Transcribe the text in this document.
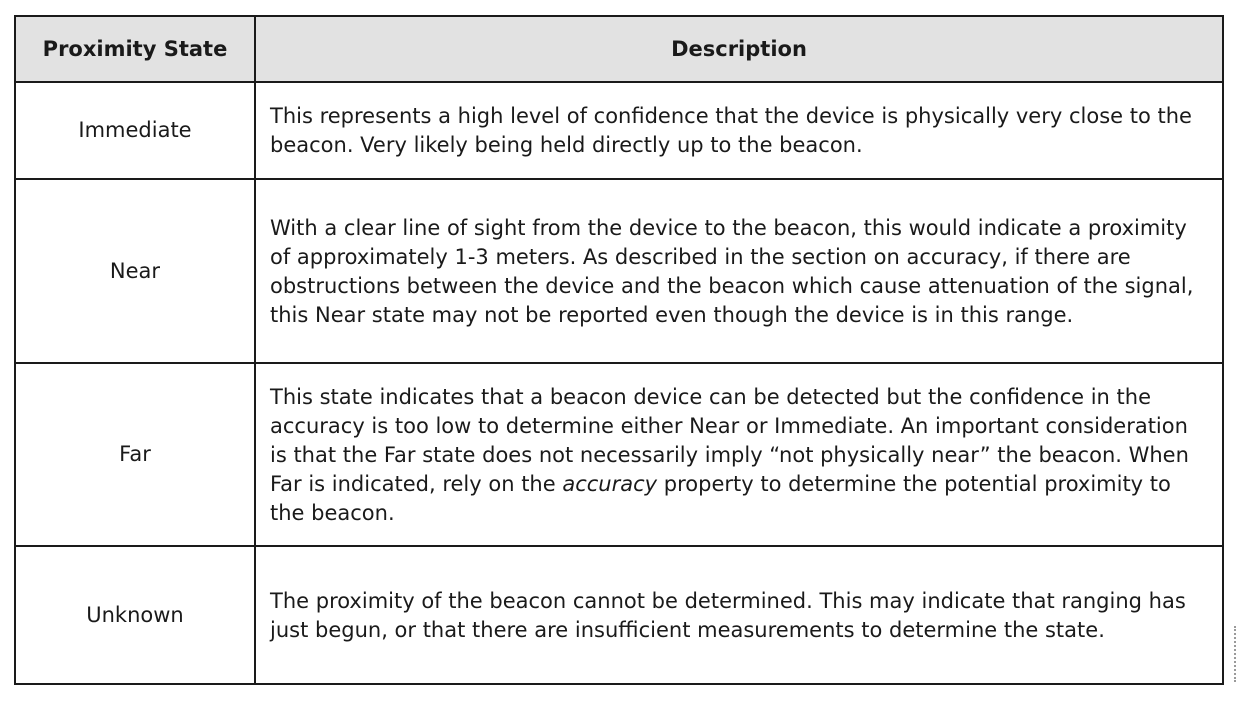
Proximity State	Description
Immediate	This represents a high level of confidence that the device is physically very close to the beacon. Very likely being held directly up to the beacon.
Near	With a clear line of sight from the device to the beacon, this would indicate a proximity of approximately 1-3 meters. As described in the section on accuracy, if there are obstructions between the device and the beacon which cause attenuation of the signal, this Near state may not be reported even though the device is in this range.
Far	This state indicates that a beacon device can be detected but the confidence in the accuracy is too low to determine either Near or Immediate. An important consideration is that the Far state does not necessarily imply “not physically near” the beacon. When Far is indicated, rely on the accuracy property to determine the potential proximity to the beacon.
Unknown	The proximity of the beacon cannot be determined. This may indicate that ranging has just begun, or that there are insufficient measurements to determine the state.
